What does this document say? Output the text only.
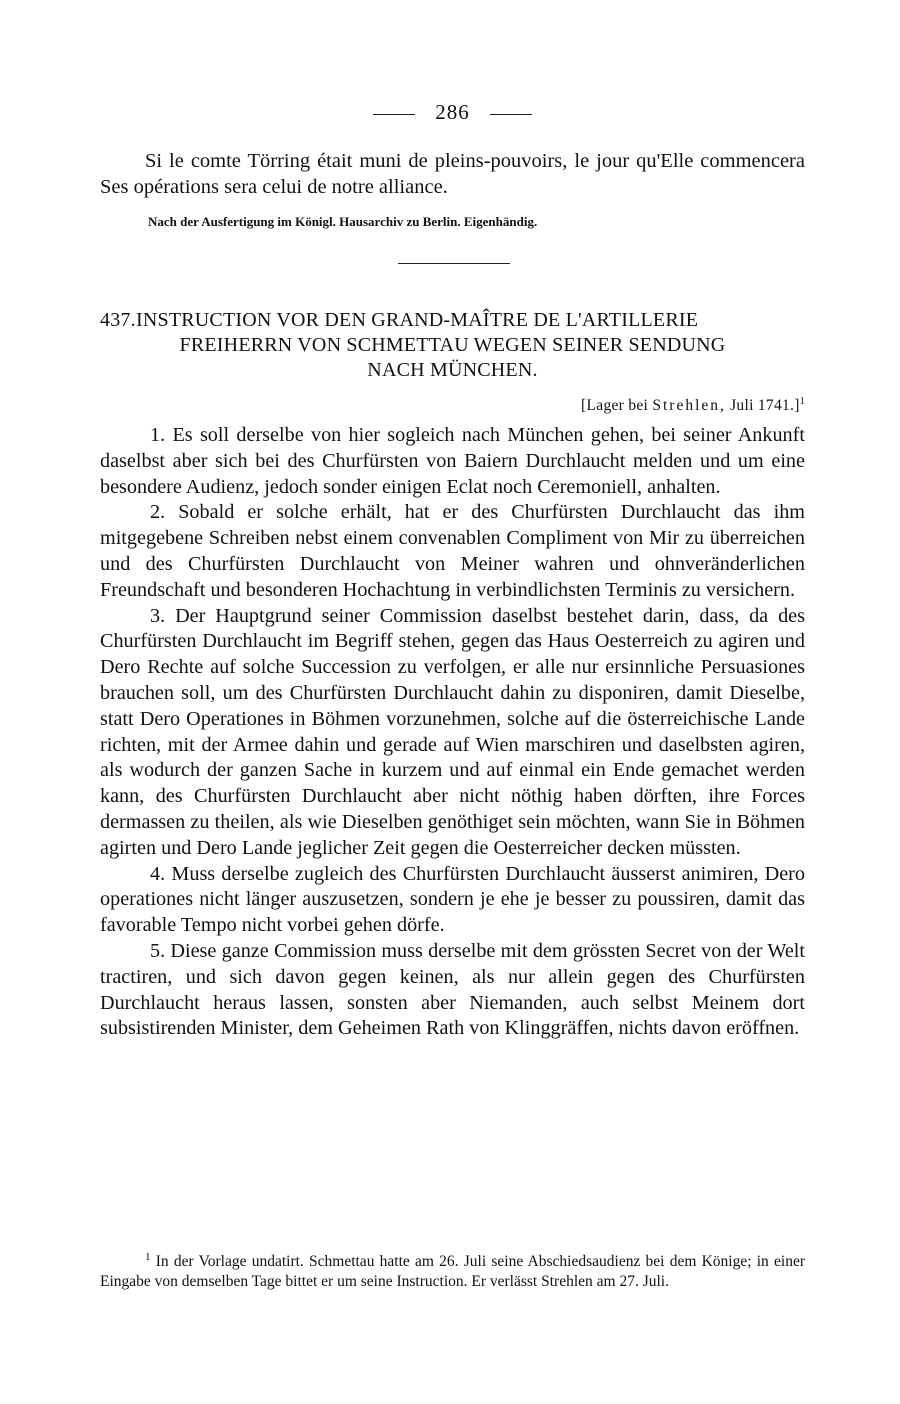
286

Si le comte Törring était muni de pleins-pouvoirs, le jour qu'Elle commencera Ses opérations sera celui de notre alliance.

Nach der Ausfertigung im Königl. Hausarchiv zu Berlin. Eigenhändig.
437. INSTRUCTION VOR DEN GRAND-MAÎTRE DE L'ARTILLERIE
FREIHERRN VON SCHMETTAU WEGEN SEINER SENDUNG
NACH MÜNCHEN.
[Lager bei Strehlen, Juli 1741.]$^1$

1. Es soll derselbe von hier sogleich nach München gehen, bei seiner Ankunft daselbst aber sich bei des Churfürsten von Baiern Durchlaucht melden und um eine besondere Audienz, jedoch sonder einigen Eclat noch Ceremoniell, anhalten.

2. Sobald er solche erhält, hat er des Churfürsten Durchlaucht das ihm mitgegebene Schreiben nebst einem convenablen Compliment von Mir zu überreichen und des Churfürsten Durchlaucht von Meiner wahren und ohnveränderlichen Freundschaft und besonderen Hochachtung in verbindlichsten Terminis zu versichern.

3. Der Hauptgrund seiner Commission daselbst bestehet darin, dass, da des Churfürsten Durchlaucht im Begriff stehen, gegen das Haus Oesterreich zu agiren und Dero Rechte auf solche Succession zu verfolgen, er alle nur ersinnliche Persuasiones brauchen soll, um des Churfürsten Durchlaucht dahin zu disponiren, damit Dieselbe, statt Dero Operationes in Böhmen vorzunehmen, solche auf die österreichische Lande richten, mit der Armee dahin und gerade auf Wien marschiren und daselbsten agiren, als wodurch der ganzen Sache in kurzem und auf einmal ein Ende gemachet werden kann, des Churfürsten Durchlaucht aber nicht nöthig haben dörften, ihre Forces dermassen zu theilen, als wie Dieselben genöthiget sein möchten, wann Sie in Böhmen agirten und Dero Lande jeglicher Zeit gegen die Oesterreicher decken müssten.

4. Muss derselbe zugleich des Churfürsten Durchlaucht äusserst animiren, Dero operationes nicht länger auszusetzen, sondern je ehe je besser zu poussiren, damit das favorable Tempo nicht vorbei gehen dörfe.

5. Diese ganze Commission muss derselbe mit dem grössten Secret von der Welt tractiren, und sich davon gegen keinen, als nur allein gegen des Churfürsten Durchlaucht heraus lassen, sonsten aber Niemanden, auch selbst Meinem dort subsistirenden Minister, dem Geheimen Rath von Klinggräffen, nichts davon eröffnen.

$^1$ In der Vorlage undatirt. Schmettau hatte am 26. Juli seine Abschiedsaudienz bei dem Könige; in einer Eingabe von demselben Tage bittet er um seine Instruction. Er verlässt Strehlen am 27. Juli.
